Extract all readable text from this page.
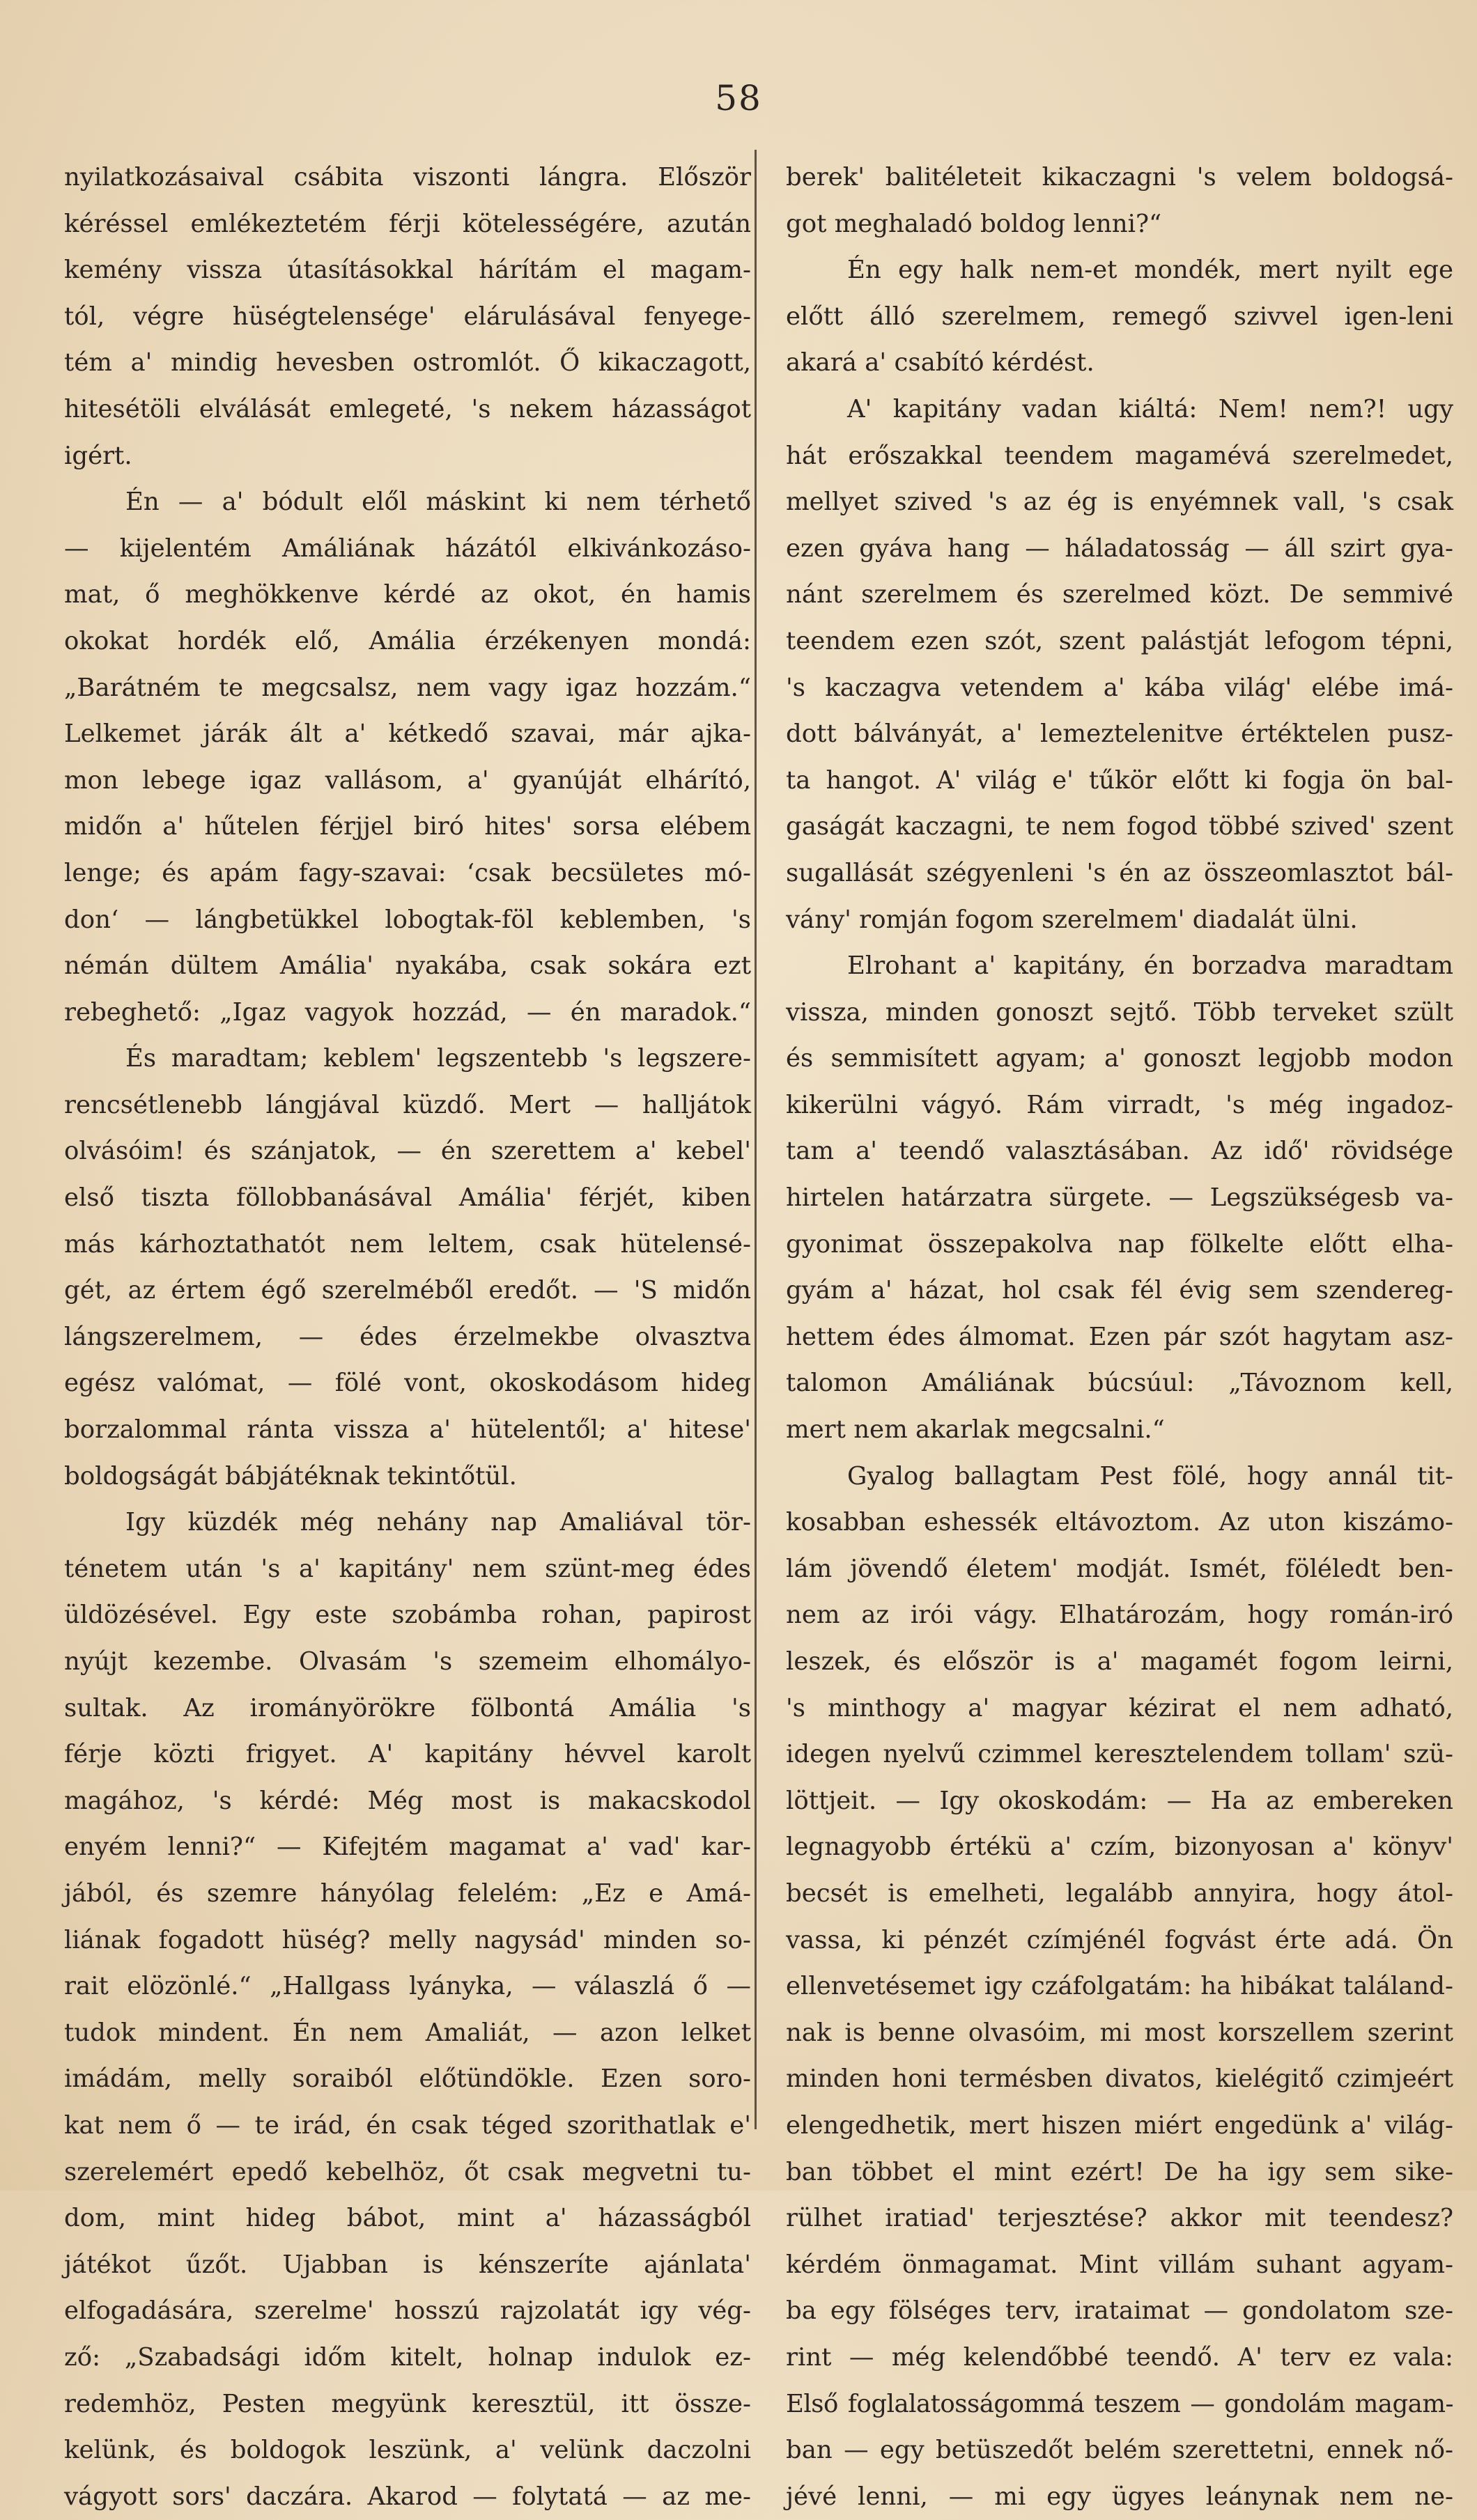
58
nyilatkozásaival csábita viszonti lángra. Először
kéréssel emlékeztetém férji kötelességére, azután
kemény vissza útasításokkal hárítám el magam-
tól, végre hüségtelensége' elárulásával fenyege-
tém a' mindig hevesben ostromlót. Ő kikaczagott,
hitesétöli elválását emlegeté, 's nekem házasságot
igért.
Én — a' bódult elől máskint ki nem térhető
— kijelentém Amáliának házától elkivánkozáso-
mat, ő meghökkenve kérdé az okot, én hamis
okokat hordék elő, Amália érzékenyen mondá:
„Barátném te megcsalsz, nem vagy igaz hozzám.“
Lelkemet járák ált a' kétkedő szavai, már ajka-
mon lebege igaz vallásom, a' gyanúját elhárító,
midőn a' hűtelen férjjel biró hites' sorsa elébem
lenge; és apám fagy-szavai: ‘csak becsületes mó-
don‘ — lángbetükkel lobogtak-föl keblemben, 's
némán dültem Amália' nyakába, csak sokára ezt
rebeghető: „Igaz vagyok hozzád, — én maradok.“
És maradtam; keblem' legszentebb 's legszere-
rencsétlenebb lángjával küzdő. Mert — halljátok
olvásóim! és szánjatok, — én szerettem a' kebel'
első tiszta föllobbanásával Amália' férjét, kiben
más kárhoztathatót nem leltem, csak hütelensé-
gét, az értem égő szerelméből eredőt. — 'S midőn
lángszerelmem, — édes érzelmekbe olvasztva
egész valómat, — fölé vont, okoskodásom hideg
borzalommal ránta vissza a' hütelentől; a' hitese'
boldogságát bábjátéknak tekintőtül.
Igy küzdék még nehány nap Amaliával tör-
ténetem után 's a' kapitány' nem szünt-meg édes
üldözésével. Egy este szobámba rohan, papirost
nyújt kezembe. Olvasám 's szemeim elhomályo-
sultak. Az irományörökre fölbontá Amália 's
férje közti frigyet. A' kapitány hévvel karolt
magához, 's kérdé: Még most is makacskodol
enyém lenni?“ — Kifejtém magamat a' vad' kar-
jából, és szemre hányólag felelém: „Ez e Amá-
liának fogadott hüség? melly nagysád' minden so-
rait elözönlé.“ „Hallgass lyányka, — válaszlá ő —
tudok mindent. Én nem Amaliát, — azon lelket
imádám, melly soraiból előtündökle. Ezen soro-
kat nem ő — te irád, én csak téged szorithatlak e'
szerelemért epedő kebelhöz, őt csak megvetni tu-
dom, mint hideg bábot, mint a' házasságból
játékot űzőt. Ujabban is kénszeríte ajánlata'
elfogadására, szerelme' hosszú rajzolatát igy vég-
ző: „Szabadsági időm kitelt, holnap indulok ez-
redemhöz, Pesten megyünk keresztül, itt össze-
kelünk, és boldogok leszünk, a' velünk daczolni
vágyott sors' daczára. Akarod — folytatá — az me-
berek' balitéleteit kikaczagni 's velem boldogsá-
got meghaladó boldog lenni?“
Én egy halk nem-et mondék, mert nyilt ege
előtt álló szerelmem, remegő szivvel igen-leni
akará a' csabító kérdést.
A' kapitány vadan kiáltá: Nem! nem?! ugy
hát erőszakkal teendem magamévá szerelmedet,
mellyet szived 's az ég is enyémnek vall, 's csak
ezen gyáva hang — háladatosság — áll szirt gya-
nánt szerelmem és szerelmed közt. De semmivé
teendem ezen szót, szent palástját lefogom tépni,
's kaczagva vetendem a' kába világ' elébe imá-
dott bálványát, a' lemeztelenitve értéktelen pusz-
ta hangot. A' világ e' tűkör előtt ki fogja ön bal-
gaságát kaczagni, te nem fogod többé szived' szent
sugallását szégyenleni 's én az összeomlasztot bál-
vány' romján fogom szerelmem' diadalát ülni.
Elrohant a' kapitány, én borzadva maradtam
vissza, minden gonoszt sejtő. Több terveket szült
és semmisített agyam; a' gonoszt legjobb modon
kikerülni vágyó. Rám virradt, 's még ingadoz-
tam a' teendő valasztásában. Az idő' rövidsége
hirtelen határzatra sürgete. — Legszükségesb va-
gyonimat összepakolva nap fölkelte előtt elha-
gyám a' házat, hol csak fél évig sem szendereg-
hettem édes álmomat. Ezen pár szót hagytam asz-
talomon Amáliának búcsúul: „Távoznom kell,
mert nem akarlak megcsalni.“
Gyalog ballagtam Pest fölé, hogy annál tit-
kosabban eshessék eltávoztom. Az uton kiszámo-
lám jövendő életem' modját. Ismét, föléledt ben-
nem az irói vágy. Elhatározám, hogy román-iró
leszek, és először is a' magamét fogom leirni,
's minthogy a' magyar kézirat el nem adható,
idegen nyelvű czimmel keresztelendem tollam' szü-
löttjeit. — Igy okoskodám: — Ha az embereken
legnagyobb értékü a' czím, bizonyosan a' könyv'
becsét is emelheti, legalább annyira, hogy átol-
vassa, ki pénzét czímjénél fogvást érte adá. Ön
ellenvetésemet igy czáfolgatám: ha hibákat találand-
nak is benne olvasóim, mi most korszellem szerint
minden honi termésben divatos, kielégitő czimjeért
elengedhetik, mert hiszen miért engedünk a' világ-
ban többet el mint ezért! De ha igy sem sike-
rülhet iratiad' terjesztése? akkor mit teendesz?
kérdém önmagamat. Mint villám suhant agyam-
ba egy fölséges terv, irataimat — gondolatom sze-
rint — még kelendőbbé teendő. A' terv ez vala:
Első foglalatosságommá teszem — gondolám magam-
ban — egy betüszedőt belém szerettetni, ennek nő-
jévé lenni, — mi egy ügyes leánynak nem ne-
